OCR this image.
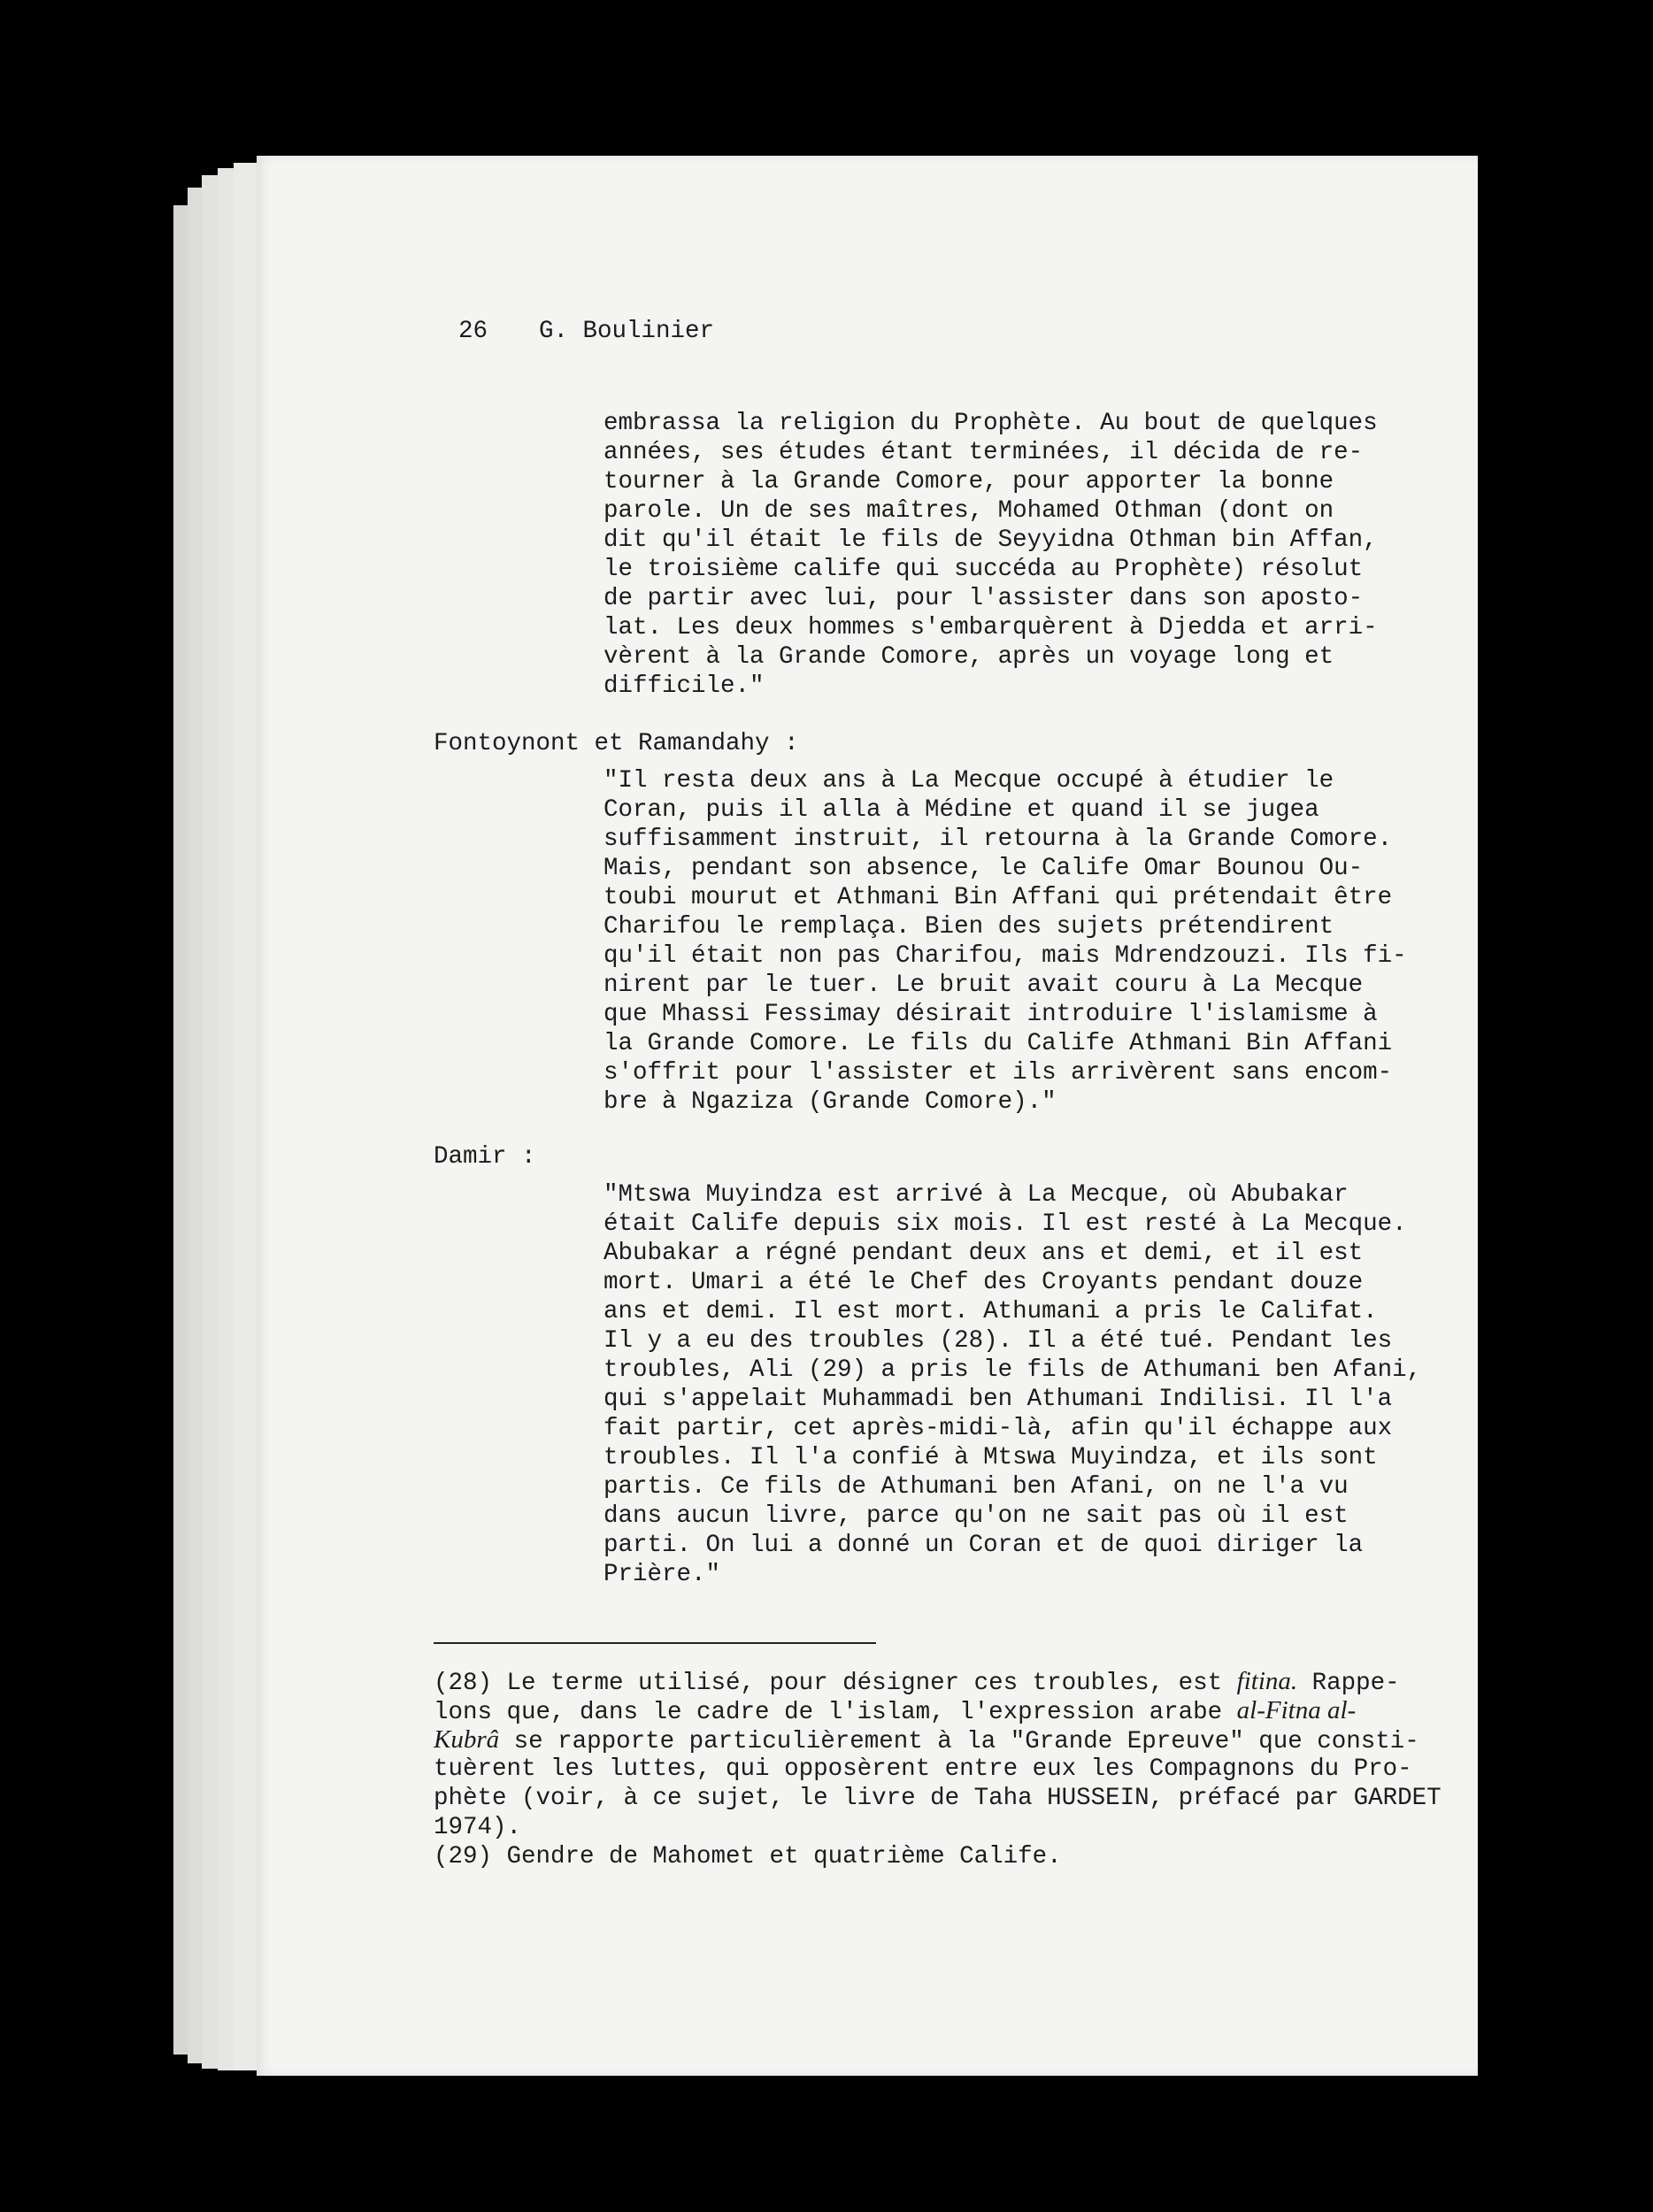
26 G. Boulinier

embrassa la religion du Prophète. Au bout de quelques

années, ses études étant terminées, il décida de re-

tourner à la Grande Comore, pour apporter la bonne

parole. Un de ses maîtres, Mohamed Othman (dont on

dit qu'il était le fils de Seyyidna Othman bin Affan,

le troisième calife qui succéda au Prophète) résolut

de partir avec lui, pour l'assister dans son aposto-

lat. Les deux hommes s'embarquèrent à Djedda et arri-

vèrent à la Grande Comore, après un voyage long et

difficile."

Fontoynont et Ramandahy :

"Il resta deux ans à La Mecque occupé à étudier le

Coran, puis il alla à Médine et quand il se jugea

suffisamment instruit, il retourna à la Grande Comore.

Mais, pendant son absence, le Calife Omar Bounou Ou-

toubi mourut et Athmani Bin Affani qui prétendait être

Charifou le remplaça. Bien des sujets prétendirent

qu'il était non pas Charifou, mais Mdrendzouzi. Ils fi-

nirent par le tuer. Le bruit avait couru à La Mecque

que Mhassi Fessimay désirait introduire l'islamisme à

la Grande Comore. Le fils du Calife Athmani Bin Affani

s'offrit pour l'assister et ils arrivèrent sans encom-

bre à Ngaziza (Grande Comore)."

Damir :

"Mtswa Muyindza est arrivé à La Mecque, où Abubakar

était Calife depuis six mois. Il est resté à La Mecque.

Abubakar a régné pendant deux ans et demi, et il est

mort. Umari a été le Chef des Croyants pendant douze

ans et demi. Il est mort. Athumani a pris le Califat.

Il y a eu des troubles (28). Il a été tué. Pendant les

troubles, Ali (29) a pris le fils de Athumani ben Afani,

qui s'appelait Muhammadi ben Athumani Indilisi. Il l'a

fait partir, cet après-midi-là, afin qu'il échappe aux

troubles. Il l'a confié à Mtswa Muyindza, et ils sont

partis. Ce fils de Athumani ben Afani, on ne l'a vu

dans aucun livre, parce qu'on ne sait pas où il est

parti. On lui a donné un Coran et de quoi diriger la

Prière."

(28) Le terme utilisé, pour désigner ces troubles, est fitina. Rappe-

lons que, dans le cadre de l'islam, l'expression arabe al-Fitna al-

Kubrâ se rapporte particulièrement à la "Grande Epreuve" que consti-

tuèrent les luttes, qui opposèrent entre eux les Compagnons du Pro-

phète (voir, à ce sujet, le livre de Taha HUSSEIN, préfacé par GARDET

1974).

(29) Gendre de Mahomet et quatrième Calife.
